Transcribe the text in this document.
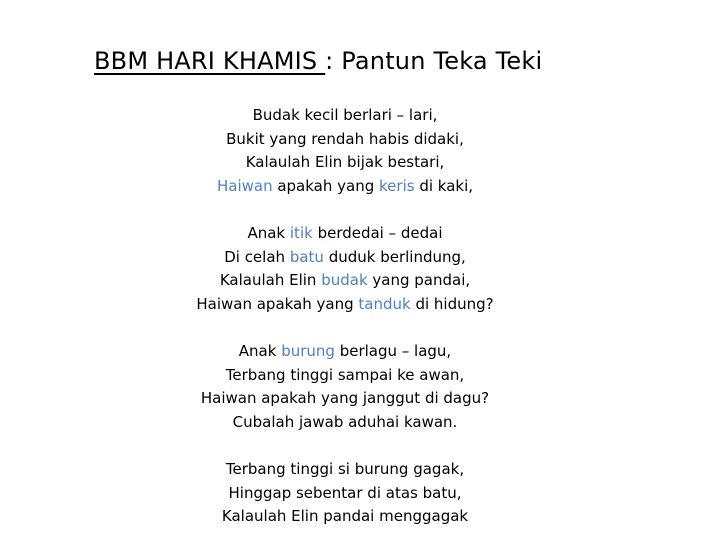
BBM HARI KHAMIS : Pantun Teka Teki
Budak kecil berlari – lari,
Bukit yang rendah habis didaki,
Kalaulah Elin bijak bestari,
Haiwan apakah yang keris di kaki,
Anak itik berdedai – dedai
Di celah batu duduk berlindung,
Kalaulah Elin budak yang pandai,
Haiwan apakah yang tanduk di hidung?
Anak burung berlagu – lagu,
Terbang tinggi sampai ke awan,
Haiwan apakah yang janggut di dagu?
Cubalah jawab aduhai kawan.
Terbang tinggi si burung gagak,
Hinggap sebentar di atas batu,
Kalaulah Elin pandai menggagak
